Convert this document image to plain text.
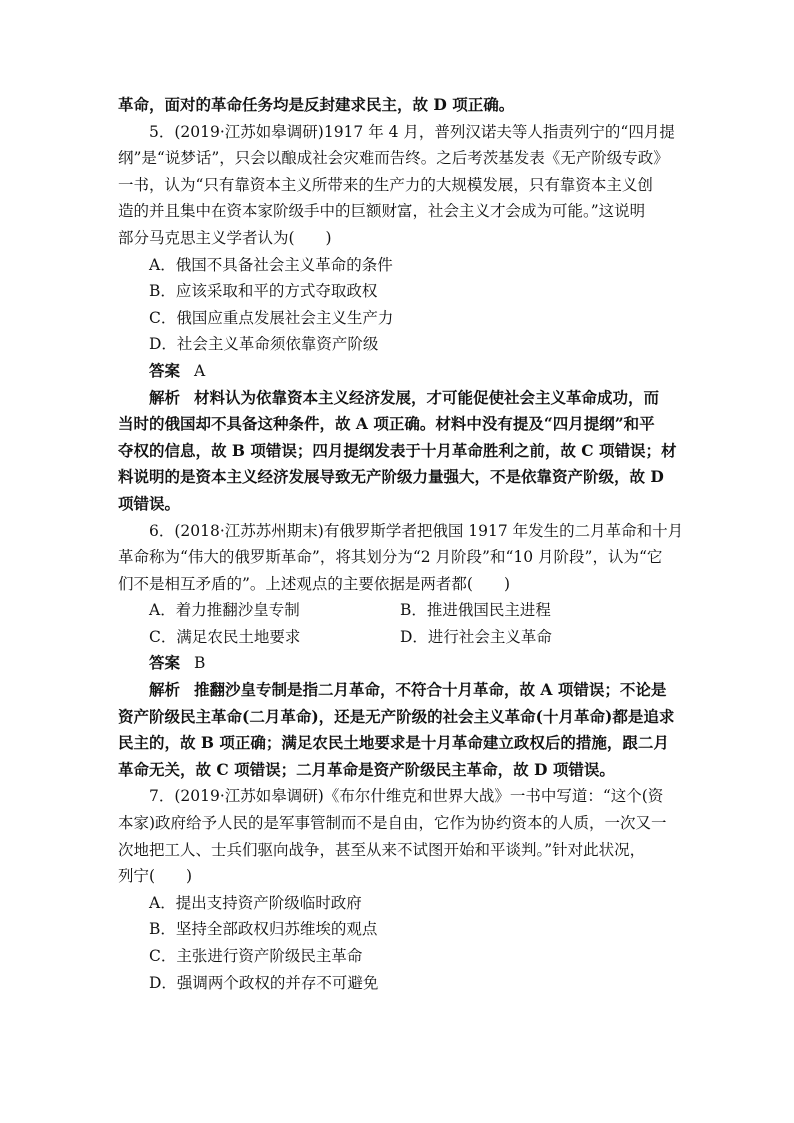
革命，面对的革命任务均是反封建求民主，故 D 项正确。
5．(2019·江苏如皋调研)1917 年 4 月，普列汉诺夫等人指责列宁的“四月提
纲”是“说梦话”，只会以酿成社会灾难而告终。之后考茨基发表《无产阶级专政》
一书，认为“只有靠资本主义所带来的生产力的大规模发展，只有靠资本主义创
造的并且集中在资本家阶级手中的巨额财富，社会主义才会成为可能。”这说明
部分马克思主义学者认为(　　)
A．俄国不具备社会主义革命的条件
B．应该采取和平的方式夺取政权
C．俄国应重点发展社会主义生产力
D．社会主义革命须依靠资产阶级
答案 A
解析 材料认为依靠资本主义经济发展，才可能促使社会主义革命成功，而
当时的俄国却不具备这种条件，故 A 项正确。材料中没有提及“四月提纲”和平
夺权的信息，故 B 项错误；四月提纲发表于十月革命胜利之前，故 C 项错误；材
料说明的是资本主义经济发展导致无产阶级力量强大，不是依靠资产阶级，故 D
项错误。
6．(2018·江苏苏州期末)有俄罗斯学者把俄国 1917 年发生的二月革命和十月
革命称为“伟大的俄罗斯革命”，将其划分为“2 月阶段”和“10 月阶段”，认为“它
们不是相互矛盾的”。上述观点的主要依据是两者都(　　)
A．着力推翻沙皇专制	B．推进俄国民主进程
C．满足农民土地要求	D．进行社会主义革命
答案 B
解析 推翻沙皇专制是指二月革命，不符合十月革命，故 A 项错误；不论是
资产阶级民主革命(二月革命)，还是无产阶级的社会主义革命(十月革命)都是追求
民主的，故 B 项正确；满足农民土地要求是十月革命建立政权后的措施，跟二月
革命无关，故 C 项错误；二月革命是资产阶级民主革命，故 D 项错误。
7．(2019·江苏如皋调研)《布尔什维克和世界大战》一书中写道：“这个(资
本家)政府给予人民的是军事管制而不是自由，它作为协约资本的人质，一次又一
次地把工人、士兵们驱向战争，甚至从来不试图开始和平谈判。”针对此状况，
列宁(　　)
A．提出支持资产阶级临时政府
B．坚持全部政权归苏维埃的观点
C．主张进行资产阶级民主革命
D．强调两个政权的并存不可避免
